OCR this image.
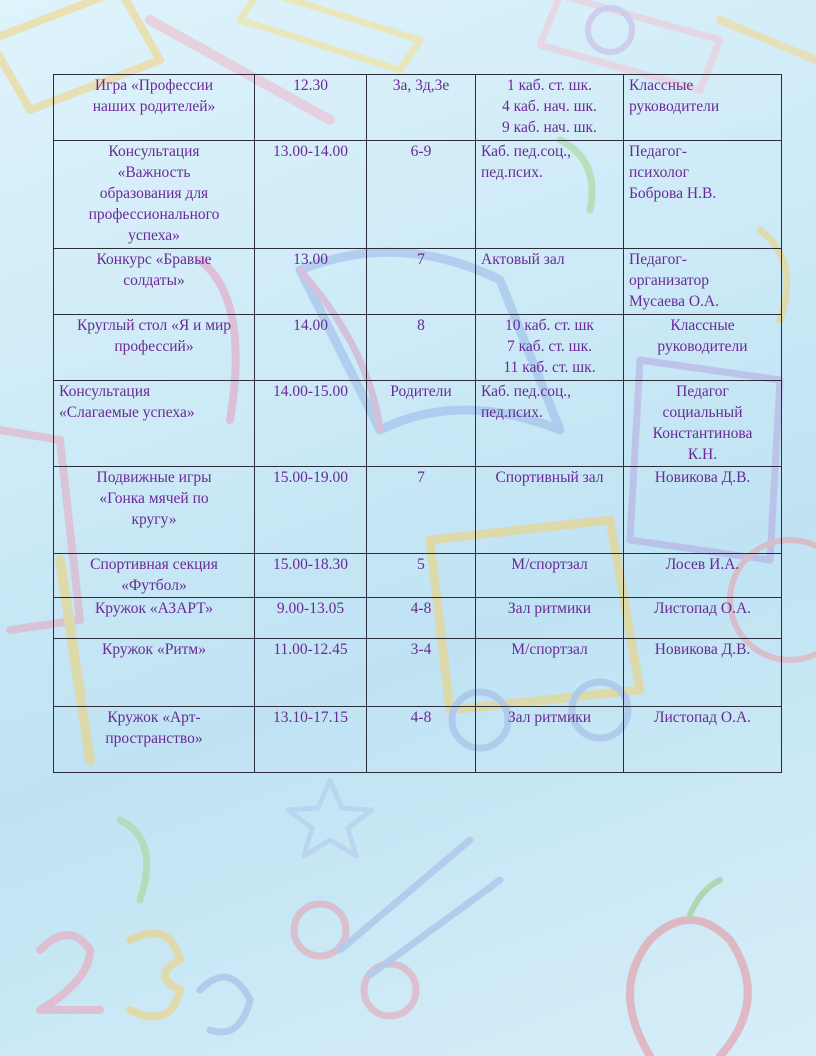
Игра «Профессии
наших родителей»	12.30	3а, 3д,3е	1 каб. ст. шк.
4 каб. нач. шк.
9 каб. нач. шк.	Классные
руководители

Консультация
«Важность
образования для
профессионального
успеха»	13.00-14.00	6-9	Каб. пед.соц.,
пед.псих.	Педагог-
психолог
Боброва Н.В.

Конкурс «Бравые
солдаты»	13.00	7	Актовый зал	Педагог-
организатор
Мусаева О.А.

Круглый стол «Я и мир
профессий»	14.00	8	10 каб. ст. шк
7 каб. ст. шк.
11 каб. ст. шк.	Классные
руководители

Консультация
«Слагаемые успеха»	14.00-15.00	Родители	Каб. пед.соц.,
пед.псих.	Педагог
социальный
Константинова
К.Н.

Подвижные игры
«Гонка мячей по
кругу»	15.00-19.00	7	Спортивный зал	Новикова Д.В.

Спортивная секция
«Футбол»	15.00-18.30	5	М/спортзал	Лосев И.А.

Кружок «АЗАРТ»	9.00-13.05	4-8	Зал ритмики	Листопад О.А.

Кружок «Ритм»	11.00-12.45	3-4	М/спортзал	Новикова Д.В.

Кружок «Арт-
пространство»	13.10-17.15	4-8	Зал ритмики	Листопад О.А.
